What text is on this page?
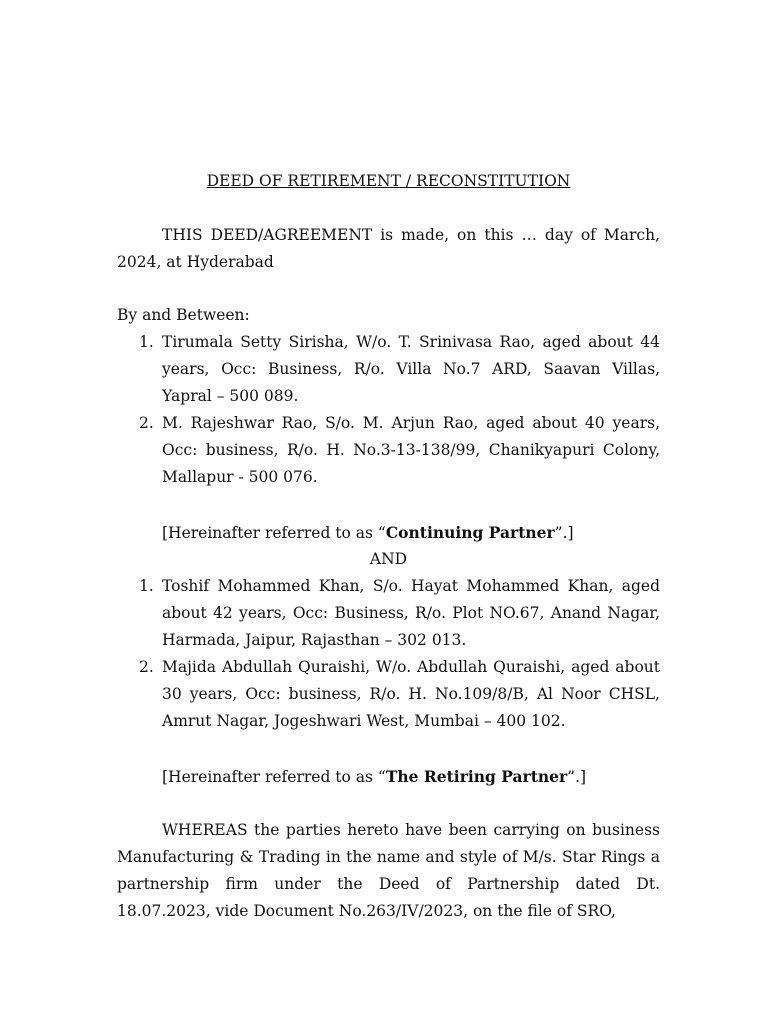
DEED OF RETIREMENT / RECONSTITUTION
THIS DEED/AGREEMENT is made, on this … day of March, 2024, at Hyderabad
By and Between:
1. Tirumala Setty Sirisha, W/o. T. Srinivasa Rao, aged about 44 years, Occ: Business, R/o. Villa No.7 ARD, Saavan Villas, Yapral – 500 089.
2. M. Rajeshwar Rao, S/o. M. Arjun Rao, aged about 40 years, Occ: business, R/o. H. No.3-13-138/99, Chanikyapuri Colony, Mallapur - 500 076.
[Hereinafter referred to as “Continuing Partner”.]
AND
1. Toshif Mohammed Khan, S/o. Hayat Mohammed Khan, aged about 42 years, Occ: Business, R/o. Plot NO.67, Anand Nagar, Harmada, Jaipur, Rajasthan – 302 013.
2. Majida Abdullah Quraishi, W/o. Abdullah Quraishi, aged about 30 years, Occ: business, R/o. H. No.109/8/B, Al Noor CHSL, Amrut Nagar, Jogeshwari West, Mumbai – 400 102.
[Hereinafter referred to as “The Retiring Partner”.]
WHEREAS the parties hereto have been carrying on business Manufacturing & Trading in the name and style of M/s. Star Rings a partnership firm under the Deed of Partnership dated Dt. 18.07.2023, vide Document No.263/IV/2023, on the file of SRO,
